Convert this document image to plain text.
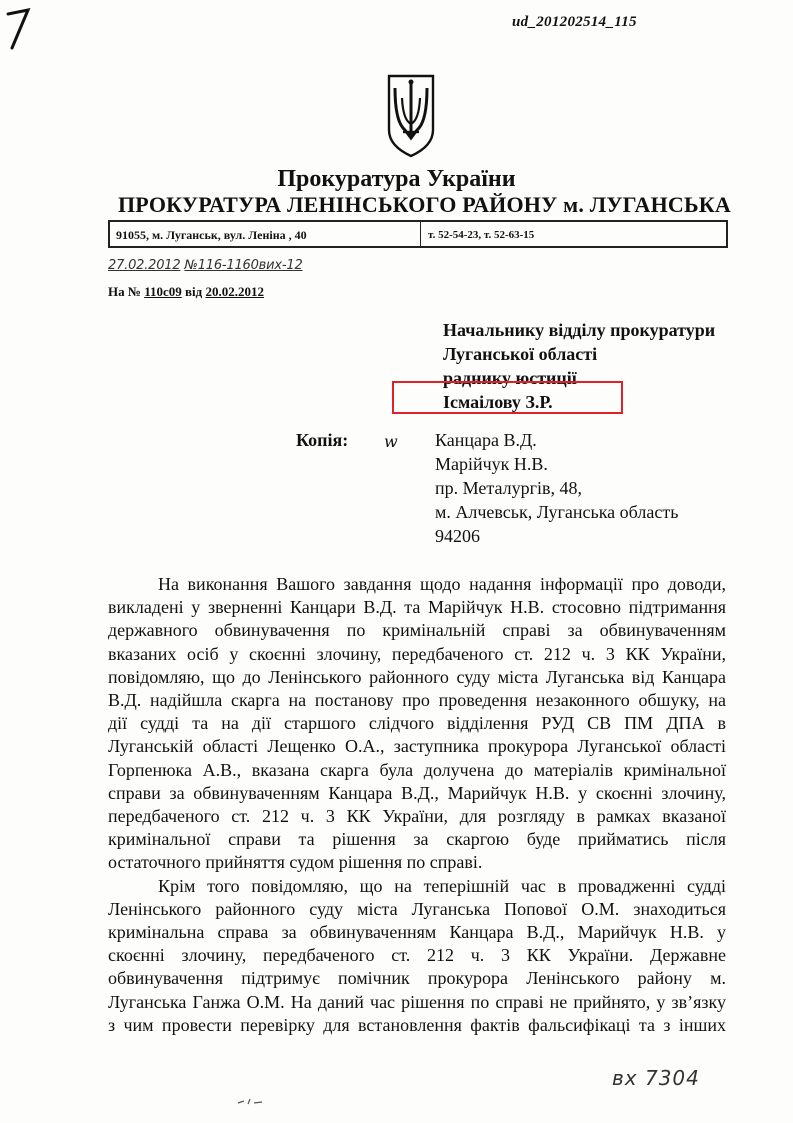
ud_201202514_115
Прокуратура України
ПРОКУРАТУРА ЛЕНІНСЬКОГО РАЙОНУ м. ЛУГАНСЬКА
91055, м. Луганськ, вул. Леніна , 40	т. 52-54-23, т. 52-63-15
27.02.2012 №116-1160вих-12
На № 110с09 від 20.02.2012
Начальнику відділу прокуратури
Луганської області
раднику юстиції
Ісмаілову З.Р.
Копія: w Канцара В.Д.
Марійчук Н.В.
пр. Металургів, 48,
м. Алчевськ, Луганська область
94206

На виконання Вашого завдання щодо надання інформації про доводи,
викладені у зверненні Канцари В.Д. та Марійчук Н.В. стосовно підтримання
державного обвинувачення по кримінальній справі за обвинуваченням
вказаних осіб у скоєнні злочину, передбаченого ст. 212 ч. 3 КК України,
повідомляю, що до Ленінського районного суду міста Луганська від Канцара
В.Д. надійшла скарга на постанову про проведення незаконного обшуку, на
дії судді та на дії старшого слідчого відділення РУД СВ ПМ ДПА в
Луганській області Лещенко О.А., заступника прокурора Луганської області
Горпенюка А.В., вказана скарга була долучена до матеріалів кримінальної
справи за обвинуваченням Канцара В.Д., Марийчук Н.В. у скоєнні злочину,
передбаченого ст. 212 ч. 3 КК України, для розгляду в рамках вказаної
кримінальної справи та рішення за скаргою буде прийматись після
остаточного прийняття судом рішення по справі.

Крім того повідомляю, що на теперішній час в провадженні судді
Ленінського районного суду міста Луганська Попової О.М. знаходиться
кримінальна справа за обвинуваченням Канцара В.Д., Марийчук Н.В. у
скоєнні злочину, передбаченого ст. 212 ч. 3 КК України. Державне
обвинувачення підтримує помічник прокурора Ленінського району м.
Луганська Ганжа О.М. На даний час рішення по справі не прийнято, у зв’язку
з чим провести перевірку для встановлення фактів фальсифікаці та з інших

вх 7304
